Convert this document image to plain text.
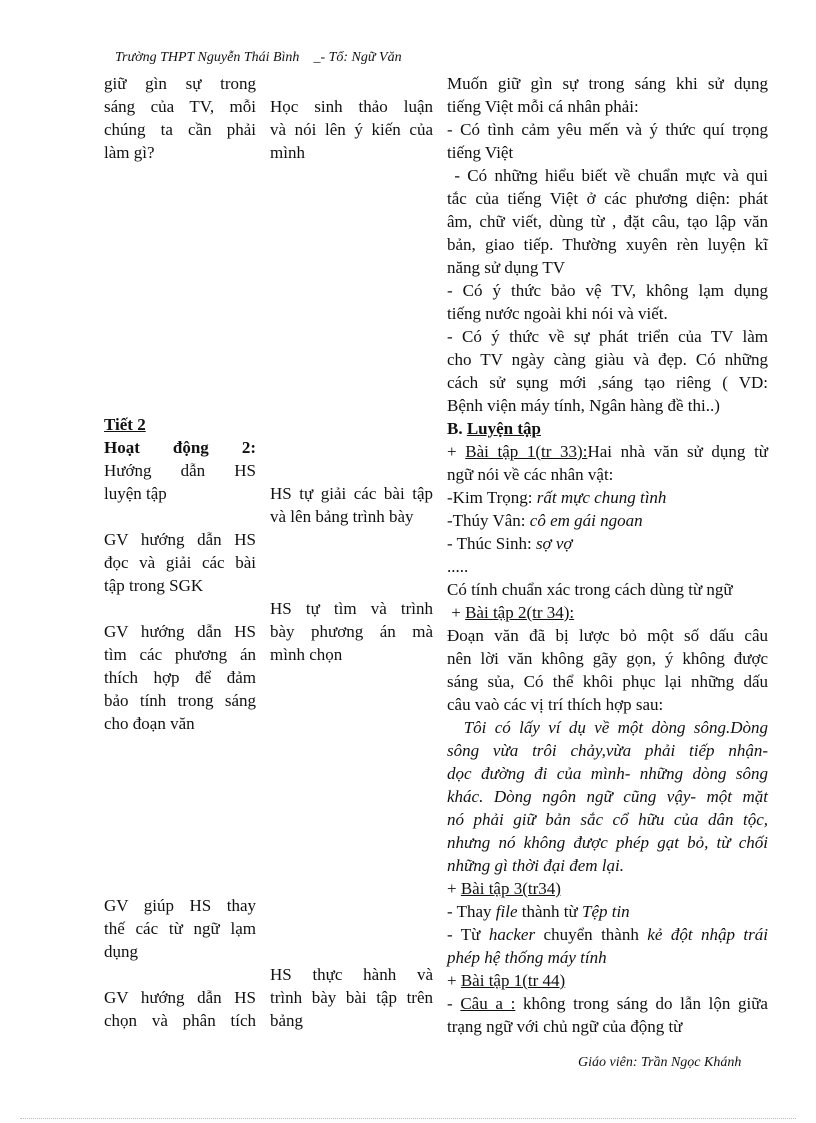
Trường THPT Nguyễn Thái Bình _- Tổ: Ngữ Văn

giữ gìn sự trong

sáng của TV, mỗi

chúng ta cần phải

làm gì?

Tiết 2

Hoạt động 2:

Hướng dẫn HS

luyện tập

GV hướng dẫn HS

đọc và giải các bài

tập trong SGK

GV hướng dẫn HS

tìm các phương án

thích hợp để đảm

bảo tính trong sáng

cho đoạn văn

GV giúp HS thay

thế các từ ngữ lạm

dụng

GV hướng dẫn HS

chọn và phân tích

Học sinh thảo luận

và nói lên ý kiến của

mình

HS tự giải các bài tập

và lên bảng trình bày

HS tự tìm và trình

bày phương án mà

mình chọn

HS thực hành và

trình bày bài tập trên

bảng

Muốn giữ gìn sự trong sáng khi sử dụng

tiếng Việt mỗi cá nhân phải:

- Có tình cảm yêu mến và ý thức quí trọng

tiếng Việt

- Có những hiểu biết về chuẩn mực và qui

tắc của tiếng Việt ở các phương diện: phát

âm, chữ viết, dùng từ , đặt câu, tạo lập văn

bản, giao tiếp. Thường xuyên rèn luyện kĩ

năng sử dụng TV

- Có ý thức bảo vệ TV, không lạm dụng

tiếng nước ngoài khi nói và viết.

- Có ý thức về sự phát triển của TV làm

cho TV ngày càng giàu và đẹp. Có những

cách sử sụng mới ,sáng tạo riêng ( VD:

Bệnh viện máy tính, Ngân hàng đề thi..)

B. Luyện tập

+ Bài tập 1(tr 33):Hai nhà văn sử dụng từ

ngữ nói về các nhân vật:

-Kim Trọng: rất mực chung tình

-Thúy Vân: cô em gái ngoan

- Thúc Sinh: sợ vợ

.....

Có tính chuẩn xác trong cách dùng từ ngữ

+ Bài tập 2(tr 34):

Đoạn văn đã bị lược bỏ một số dấu câu

nên lời văn không gãy gọn, ý không được

sáng sủa, Có thể khôi phục lại những dấu

câu vaò các vị trí thích hợp sau:

Tôi có lấy ví dụ về một dòng sông.Dòng

sông vừa trôi chảy,vừa phải tiếp nhận-

dọc đường đi của mình- những dòng sông

khác. Dòng ngôn ngữ cũng vậy- một mặt

nó phải giữ bản sắc cổ hữu của dân tộc,

nhưng nó không được phép gạt bỏ, từ chối

những gì thời đại đem lại.

+ Bài tập 3(tr34)

- Thay file thành từ Tệp tin

- Từ hacker chuyển thành kẻ đột nhập trái

phép hệ thống máy tính

+ Bài tập 1(tr 44)

- Câu a : không trong sáng do lẫn lộn giữa

trạng ngữ với chủ ngữ của động từ

Giáo viên: Trần Ngọc Khánh
